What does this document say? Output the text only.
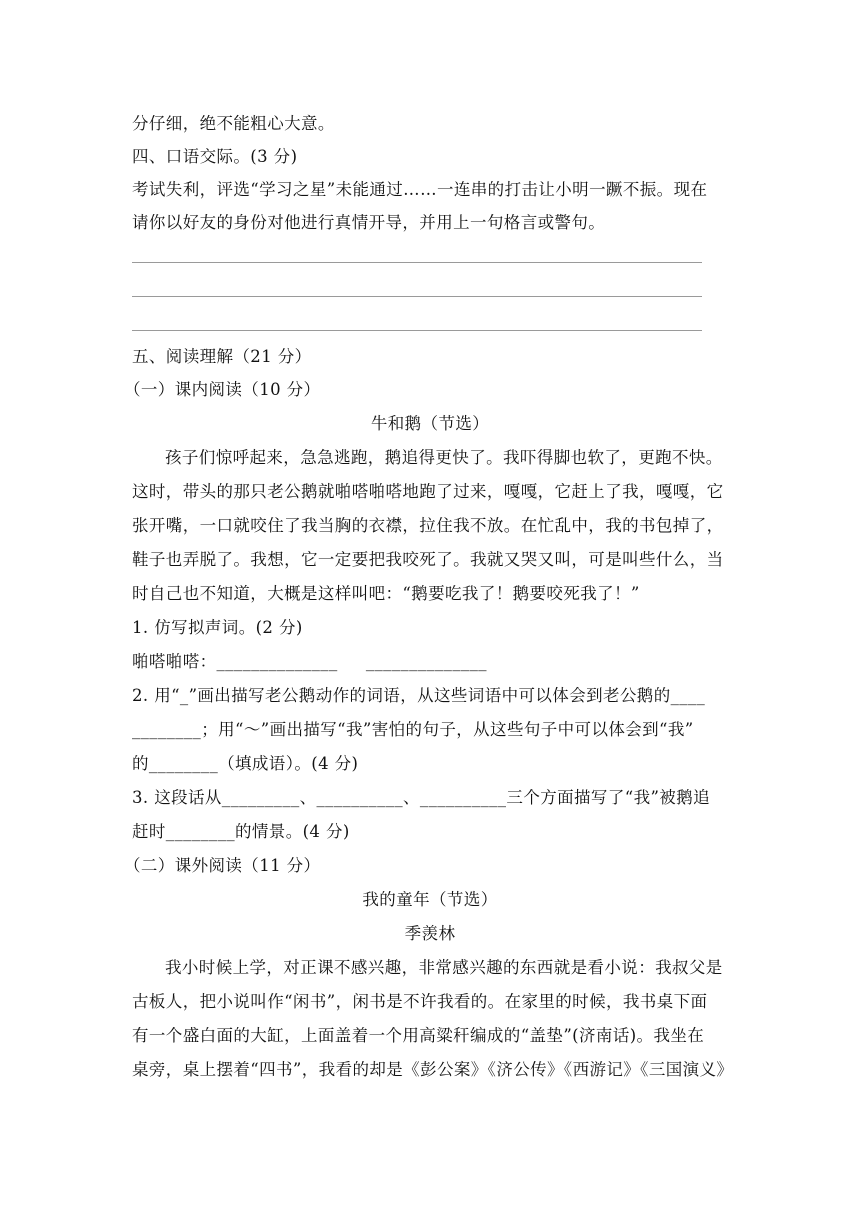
分仔细，绝不能粗心大意。
四、口语交际。(3 分)
考试失利，评选“学习之星”未能通过……一连串的打击让小明一蹶不振。现在
请你以好友的身份对他进行真情开导，并用上一句格言或警句。
五、阅读理解（21 分）
（一）课内阅读（10 分）
牛和鹅（节选）
孩子们惊呼起来，急急逃跑，鹅追得更快了。我吓得脚也软了，更跑不快。
这时，带头的那只老公鹅就啪嗒啪嗒地跑了过来，嘎嘎，它赶上了我，嘎嘎，它
张开嘴，一口就咬住了我当胸的衣襟，拉住我不放。在忙乱中，我的书包掉了，
鞋子也弄脱了。我想，它一定要把我咬死了。我就又哭又叫，可是叫些什么，当
时自己也不知道，大概是这样叫吧：“鹅要吃我了！鹅要咬死我了！”
1. 仿写拟声词。(2 分)
啪嗒啪嗒：______________     ______________
2. 用“_”画出描写老公鹅动作的词语，从这些词语中可以体会到老公鹅的____
________；用“～”画出描写“我”害怕的句子，从这些句子中可以体会到“我”
的________（填成语）。(4 分)
3. 这段话从_________、__________、__________三个方面描写了“我”被鹅追
赶时________的情景。(4 分)
（二）课外阅读（11 分）
我的童年（节选）
季羡林
我小时候上学，对正课不感兴趣，非常感兴趣的东西就是看小说：我叔父是
古板人，把小说叫作“闲书”，闲书是不许我看的。在家里的时候，我书桌下面
有一个盛白面的大缸，上面盖着一个用高粱秆编成的“盖垫”(济南话)。我坐在
桌旁，桌上摆着“四书”，我看的却是《彭公案》《济公传》《西游记》《三国演义》
